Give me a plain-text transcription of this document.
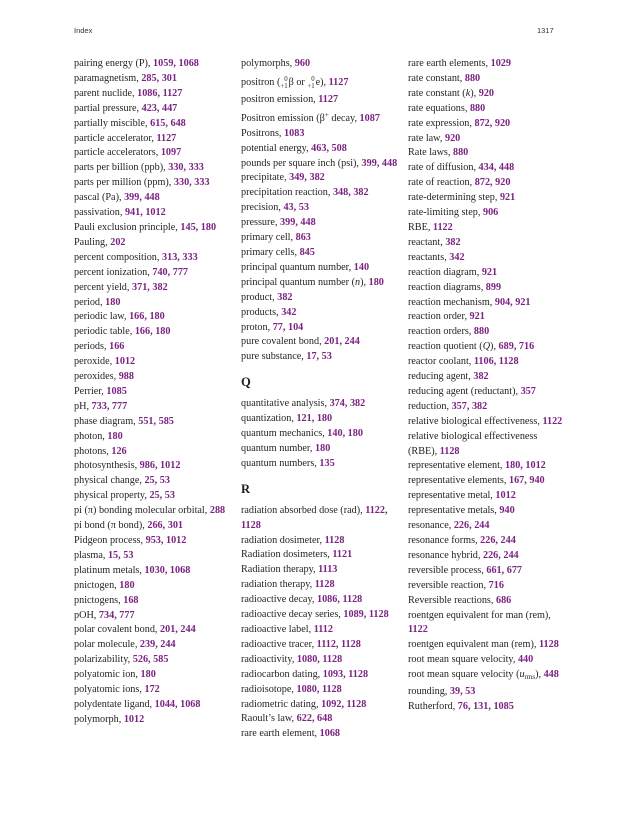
Index	1317
pairing energy (P), 1059, 1068
paramagnetism, 285, 301
parent nuclide, 1086, 1127
partial pressure, 423, 447
partially miscible, 615, 648
particle accelerator, 1127
particle accelerators, 1097
parts per billion (ppb), 330, 333
parts per million (ppm), 330, 333
pascal (Pa), 399, 448
passivation, 941, 1012
Pauli exclusion principle, 145, 180
Pauling, 202
percent composition, 313, 333
percent ionization, 740, 777
percent yield, 371, 382
period, 180
periodic law, 166, 180
periodic table, 166, 180
periods, 166
peroxide, 1012
peroxides, 988
Perrier, 1085
pH, 733, 777
phase diagram, 551, 585
photon, 180
photons, 126
photosynthesis, 986, 1012
physical change, 25, 53
physical property, 25, 53
pi (π) bonding molecular orbital, 288
pi bond (π bond), 266, 301
Pidgeon process, 953, 1012
plasma, 15, 53
platinum metals, 1030, 1068
pnictogen, 180
pnictogens, 168
pOH, 734, 777
polar covalent bond, 201, 244
polar molecule, 239, 244
polarizability, 526, 585
polyatomic ion, 180
polyatomic ions, 172
polydentate ligand, 1044, 1068
polymorph, 1012
polymorphs, 960
positron ( 0
+1β or 0
+1e), 1127
positron emission, 1127
Positron emission (β+ decay, 1087
Positrons, 1083
potential energy, 463, 508
pounds per square inch (psi), 399, 448
precipitate, 349, 382
precipitation reaction, 348, 382
precision, 43, 53
pressure, 399, 448
primary cell, 863
primary cells, 845
principal quantum number, 140
principal quantum number (n), 180
product, 382
products, 342
proton, 77, 104
pure covalent bond, 201, 244
pure substance, 17, 53
Q
quantitative analysis, 374, 382
quantization, 121, 180
quantum mechanics, 140, 180
quantum number, 180
quantum numbers, 135
R
radiation absorbed dose (rad), 1122, 1128
radiation dosimeter, 1128
Radiation dosimeters, 1121
Radiation therapy, 1113
radiation therapy, 1128
radioactive decay, 1086, 1128
radioactive decay series, 1089, 1128
radioactive label, 1112
radioactive tracer, 1112, 1128
radioactivity, 1080, 1128
radiocarbon dating, 1093, 1128
radioisotope, 1080, 1128
radiometric dating, 1092, 1128
Raoult’s law, 622, 648
rare earth element, 1068
rare earth elements, 1029
rate constant, 880
rate constant (k), 920
rate equations, 880
rate expression, 872, 920
rate law, 920
Rate laws, 880
rate of diffusion, 434, 448
rate of reaction, 872, 920
rate-determining step, 921
rate-limiting step, 906
RBE, 1122
reactant, 382
reactants, 342
reaction diagram, 921
reaction diagrams, 899
reaction mechanism, 904, 921
reaction order, 921
reaction orders, 880
reaction quotient (Q), 689, 716
reactor coolant, 1106, 1128
reducing agent, 382
reducing agent (reductant), 357
reduction, 357, 382
relative biological effectiveness, 1122
relative biological effectiveness (RBE), 1128
representative element, 180, 1012
representative elements, 167, 940
representative metal, 1012
representative metals, 940
resonance, 226, 244
resonance forms, 226, 244
resonance hybrid, 226, 244
reversible process, 661, 677
reversible reaction, 716
Reversible reactions, 686
roentgen equivalent for man (rem), 1122
roentgen equivalent man (rem), 1128
root mean square velocity, 440
root mean square velocity $(u_{rms})$, 448
rounding, 39, 53
Rutherford, 76, 131, 1085
